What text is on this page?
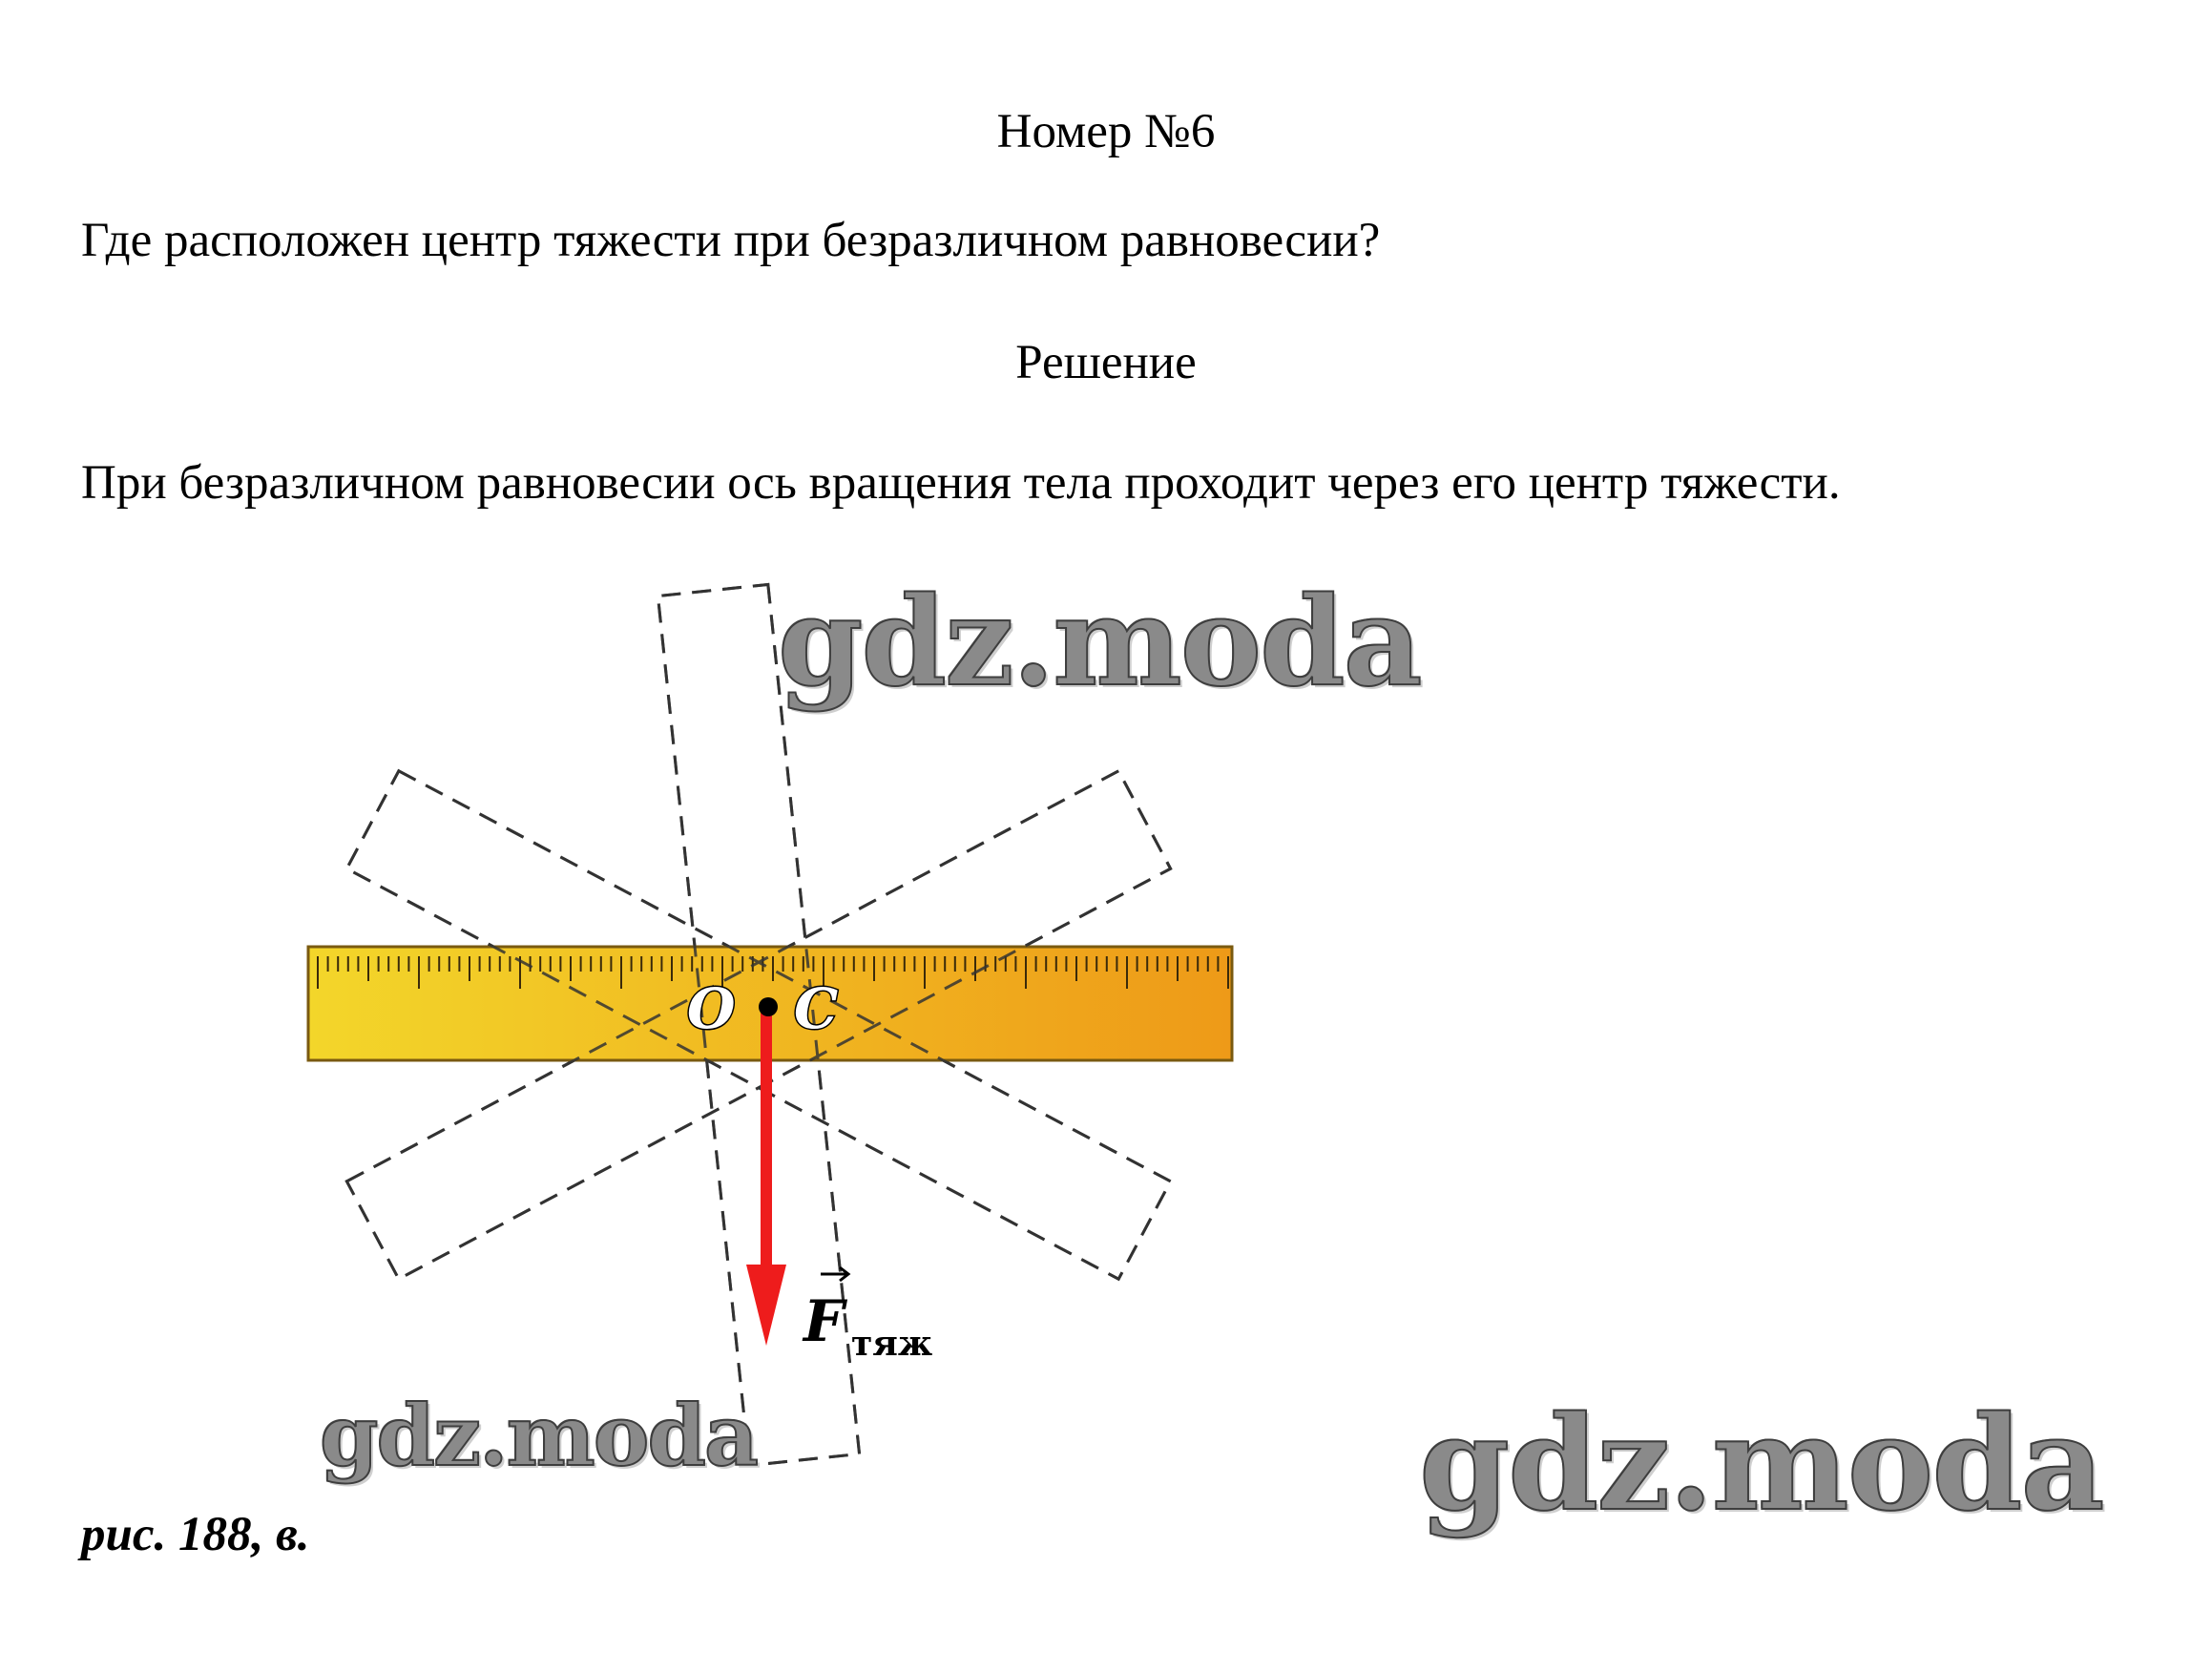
Номер №6
Где расположен центр тяжести при безразличном равновесии?
Решение
При безразличном равновесии ось вращения тела проходит через его центр тяжести.
O C
F тяж
gdz.moda
gdz.moda	gdz.moda
рис. 188, в.
